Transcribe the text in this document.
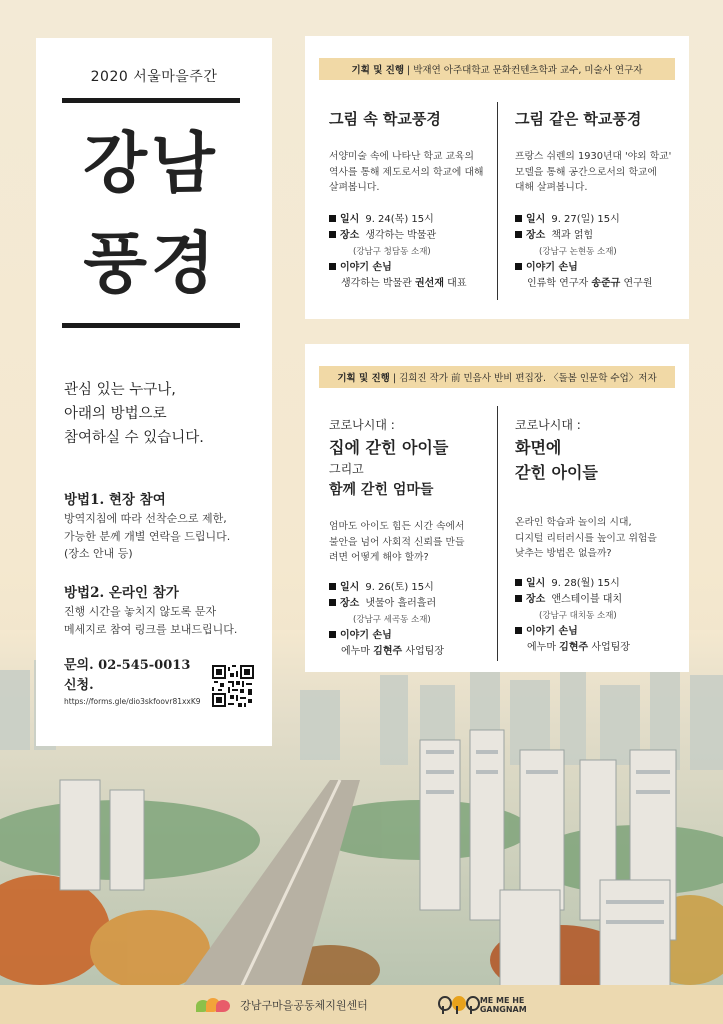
2020 서울마을주간
강남
풍경
관심 있는 누구나,
아래의 방법으로
참여하실 수 있습니다.
방법1. 현장 참여
방역지침에 따라 선착순으로 제한,
가능한 분께 개별 연락을 드립니다.
(장소 안내 등)
방법2. 온라인 참가
진행 시간을 놓치지 않도록 문자
메세지로 참여 링크를 보내드립니다.
문의. 02-545-0013
신청.
https://forms.gle/dio3skfoovr81xxK9
기획 및 진행 | 박재연 아주대학교 문화컨텐츠학과 교수, 미술사 연구자
그림 속 학교풍경
서양미술 속에 나타난 학교 교육의
역사를 통해 제도로서의 학교에 대해
살펴봅니다.
일시 9. 24(목) 15시
장소 생각하는 박물관
(강남구 청담동 소재)
이야기 손님
생각하는 박물관 권선재 대표
그림 같은 학교풍경
프랑스 쉬렌의 1930년대 '야외 학교'
모델을 통해 공간으로서의 학교에
대해 살펴봅니다.
일시 9. 27(일) 15시
장소 책과 얽힘
(강남구 논현동 소재)
이야기 손님
인류학 연구자 송준규 연구원
기획 및 진행 | 김희진 작가 前 민음사 반비 편집장. 〈돌봄 인문학 수업〉저자
코로나시대 :
집에 갇힌 아이들
그리고
함께 갇힌 엄마들
엄마도 아이도 힘든 시간 속에서
불안을 넘어 사회적 신뢰를 만들
려면 어떻게 해야 할까?
일시 9. 26(토) 15시
장소 냇물아 흘러흘러
(강남구 세곡동 소재)
이야기 손님
에누마 김현주 사업팀장
코로나시대 :
화면에
갇힌 아이들
온라인 학습과 놀이의 시대,
디지털 리터러시를 높이고 위험을
낮추는 방법은 없을까?
일시 9. 28(월) 15시
장소 앤스테이블 대치
(강남구 대치동 소재)
이야기 손님
에누마 김현주 사업팀장
강남구마을공동체지원센터	ME ME HE
GANGNAM
